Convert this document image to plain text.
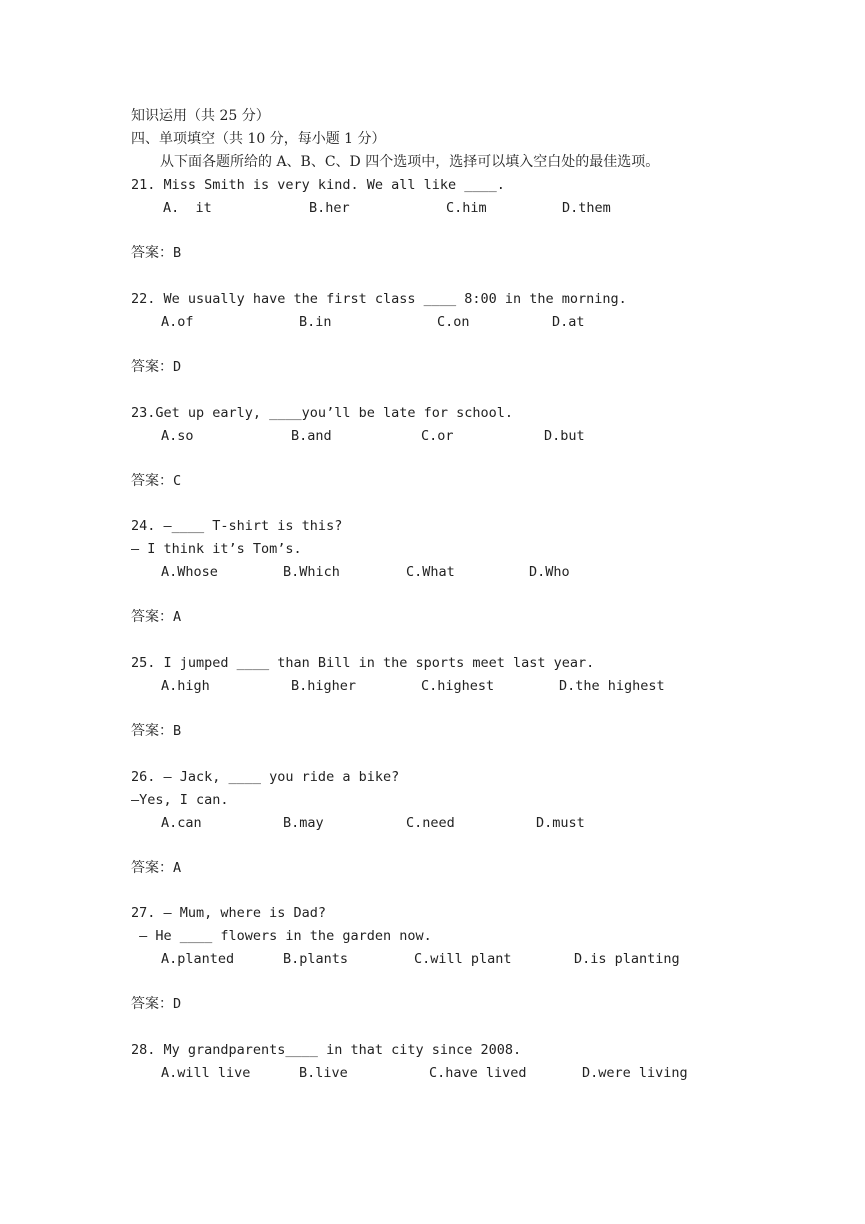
知识运用（共 25 分）
四、单项填空（共 10 分，每小题 1 分）
从下面各题所给的 A、B、C、D 四个选项中，选择可以填入空白处的最佳选项。
21. Miss Smith is very kind. We all like ____.
A.  it	B.her	C.him	D.them
答案：B
22. We usually have the first class ____ 8:00 in the morning.
A.of	B.in	C.on	D.at
答案：D
23.Get up early, ____you’ll be late for school.
A.so	B.and	C.or	D.but
答案：C
24. —____ T-shirt is this?
— I think it’s Tom’s.
A.Whose	B.Which	C.What	D.Who
答案：A
25. I jumped ____ than Bill in the sports meet last year.
A.high	B.higher	C.highest	D.the highest
答案：B
26. – Jack, ____ you ride a bike?
–Yes, I can.
A.can	B.may	C.need	D.must
答案：A
27. – Mum, where is Dad?
– He ____ flowers in the garden now.
A.planted	B.plants	C.will plant	D.is planting
答案：D
28. My grandparents____ in that city since 2008.
A.will live	B.live	C.have lived	D.were living
